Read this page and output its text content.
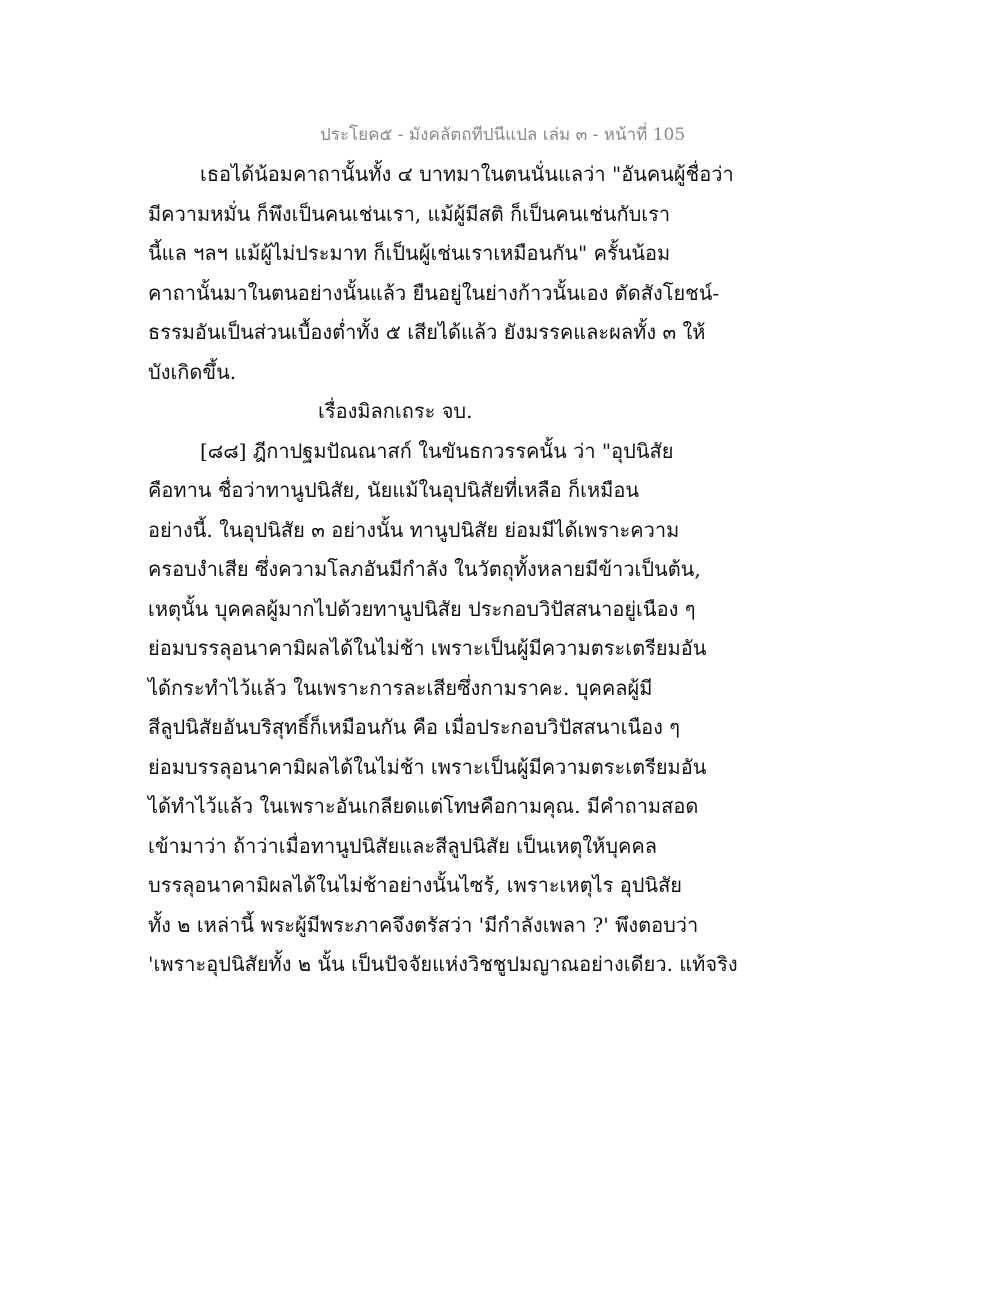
ประโยค๕ - มังคลัตถทีปนีแปล เล่ม ๓ - หน้าที่ 105
เธอได้น้อมคาถานั้นทั้ง ๔ บาทมาในตนนั่นแลว่า "อันคนผู้ชื่อว่า
มีความหมั่น ก็พึงเป็นคนเช่นเรา, แม้ผู้มีสติ ก็เป็นคนเช่นกับเรา
นี้แล ฯลฯ แม้ผู้ไม่ประมาท ก็เป็นผู้เช่นเราเหมือนกัน" ครั้นน้อม
คาถานั้นมาในตนอย่างนั้นแล้ว ยืนอยู่ในย่างก้าวนั้นเอง ตัดสังโยชน์-
ธรรมอันเป็นส่วนเบื้องต่ำทั้ง ๕ เสียได้แล้ว ยังมรรคและผลทั้ง ๓ ให้
บังเกิดขึ้น.
เรื่องมิลกเถระ จบ.
[๘๘] ฎีกาปฐมปัณณาสก์ ในขันธกวรรคนั้น ว่า "อุปนิสัย
คือทาน ชื่อว่าทานูปนิสัย, นัยแม้ในอุปนิสัยที่เหลือ ก็เหมือน
อย่างนี้. ในอุปนิสัย ๓ อย่างนั้น ทานูปนิสัย ย่อมมีได้เพราะความ
ครอบงำเสีย ซึ่งความโลภอันมีกำลัง ในวัตถุทั้งหลายมีข้าวเป็นต้น,
เหตุนั้น บุคคลผู้มากไปด้วยทานูปนิสัย ประกอบวิปัสสนาอยู่เนือง ๆ
ย่อมบรรลุอนาคามิผลได้ในไม่ช้า เพราะเป็นผู้มีความตระเตรียมอัน
ได้กระทำไว้แล้ว ในเพราะการละเสียซึ่งกามราคะ. บุคคลผู้มี
สีลูปนิสัยอันบริสุทธิ์ก็เหมือนกัน คือ เมื่อประกอบวิปัสสนาเนือง ๆ
ย่อมบรรลุอนาคามิผลได้ในไม่ช้า เพราะเป็นผู้มีความตระเตรียมอัน
ได้ทำไว้แล้ว ในเพราะอันเกลียดแต่โทษคือกามคุณ. มีคำถามสอด
เข้ามาว่า ถ้าว่าเมื่อทานูปนิสัยและสีลูปนิสัย เป็นเหตุให้บุคคล
บรรลุอนาคามิผลได้ในไม่ช้าอย่างนั้นไซร้, เพราะเหตุไร อุปนิสัย
ทั้ง ๒ เหล่านี้ พระผู้มีพระภาคจึงตรัสว่า 'มีกำลังเพลา ?' พึงตอบว่า
'เพราะอุปนิสัยทั้ง ๒ นั้น เป็นปัจจัยแห่งวิชชูปมญาณอย่างเดียว. แท้จริง
